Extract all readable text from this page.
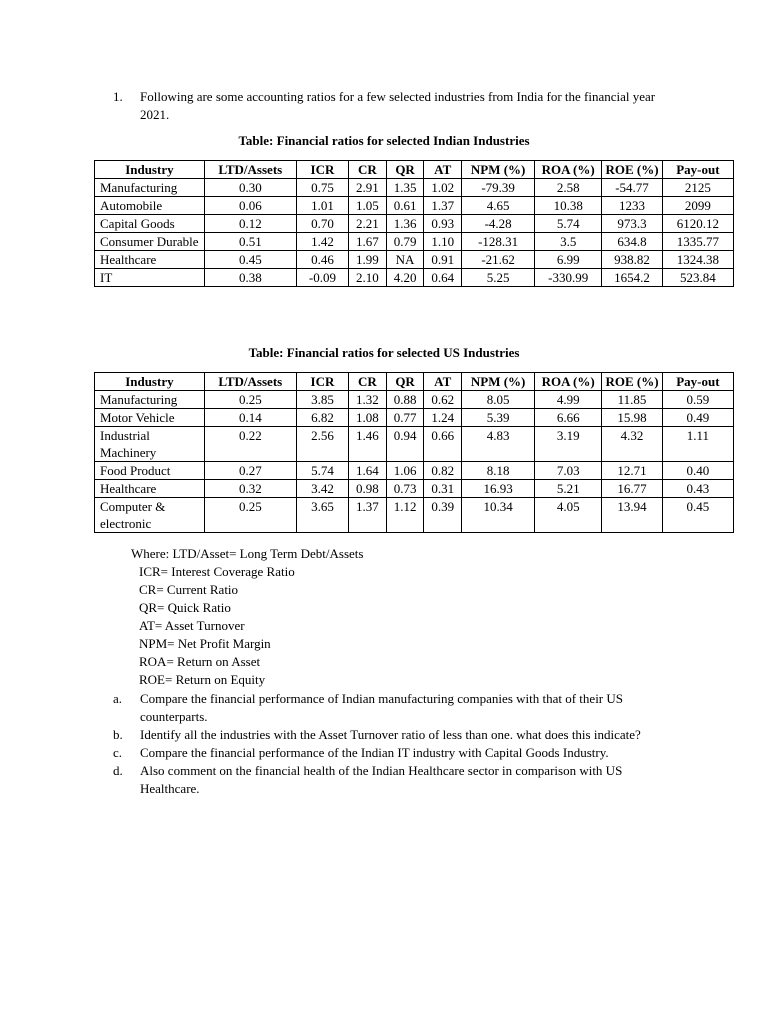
1. Following are some accounting ratios for a few selected industries from India for the financial year 2021.
Table: Financial ratios for selected Indian Industries
Industry	LTD/Assets	ICR	CR	QR	AT	NPM (%)	ROA (%)	ROE (%)	Pay-out
Manufacturing	0.30	0.75	2.91	1.35	1.02	-79.39	2.58	-54.77	2125
Automobile	0.06	1.01	1.05	0.61	1.37	4.65	10.38	1233	2099
Capital Goods	0.12	0.70	2.21	1.36	0.93	-4.28	5.74	973.3	6120.12
Consumer Durable	0.51	1.42	1.67	0.79	1.10	-128.31	3.5	634.8	1335.77
Healthcare	0.45	0.46	1.99	NA	0.91	-21.62	6.99	938.82	1324.38
IT	0.38	-0.09	2.10	4.20	0.64	5.25	-330.99	1654.2	523.84
Table: Financial ratios for selected US Industries
Industry	LTD/Assets	ICR	CR	QR	AT	NPM (%)	ROA (%)	ROE (%)	Pay-out
Manufacturing	0.25	3.85	1.32	0.88	0.62	8.05	4.99	11.85	0.59
Motor Vehicle	0.14	6.82	1.08	0.77	1.24	5.39	6.66	15.98	0.49
Industrial Machinery	0.22	2.56	1.46	0.94	0.66	4.83	3.19	4.32	1.11
Food Product	0.27	5.74	1.64	1.06	0.82	8.18	7.03	12.71	0.40
Healthcare	0.32	3.42	0.98	0.73	0.31	16.93	5.21	16.77	0.43
Computer & electronic	0.25	3.65	1.37	1.12	0.39	10.34	4.05	13.94	0.45
Where: LTD/Asset= Long Term Debt/Assets
ICR= Interest Coverage Ratio
CR= Current Ratio
QR= Quick Ratio
AT= Asset Turnover
NPM= Net Profit Margin
ROA= Return on Asset
ROE= Return on Equity
a. Compare the financial performance of Indian manufacturing companies with that of their US counterparts.
b. Identify all the industries with the Asset Turnover ratio of less than one. what does this indicate?
c. Compare the financial performance of the Indian IT industry with Capital Goods Industry.
d. Also comment on the financial health of the Indian Healthcare sector in comparison with US Healthcare.
